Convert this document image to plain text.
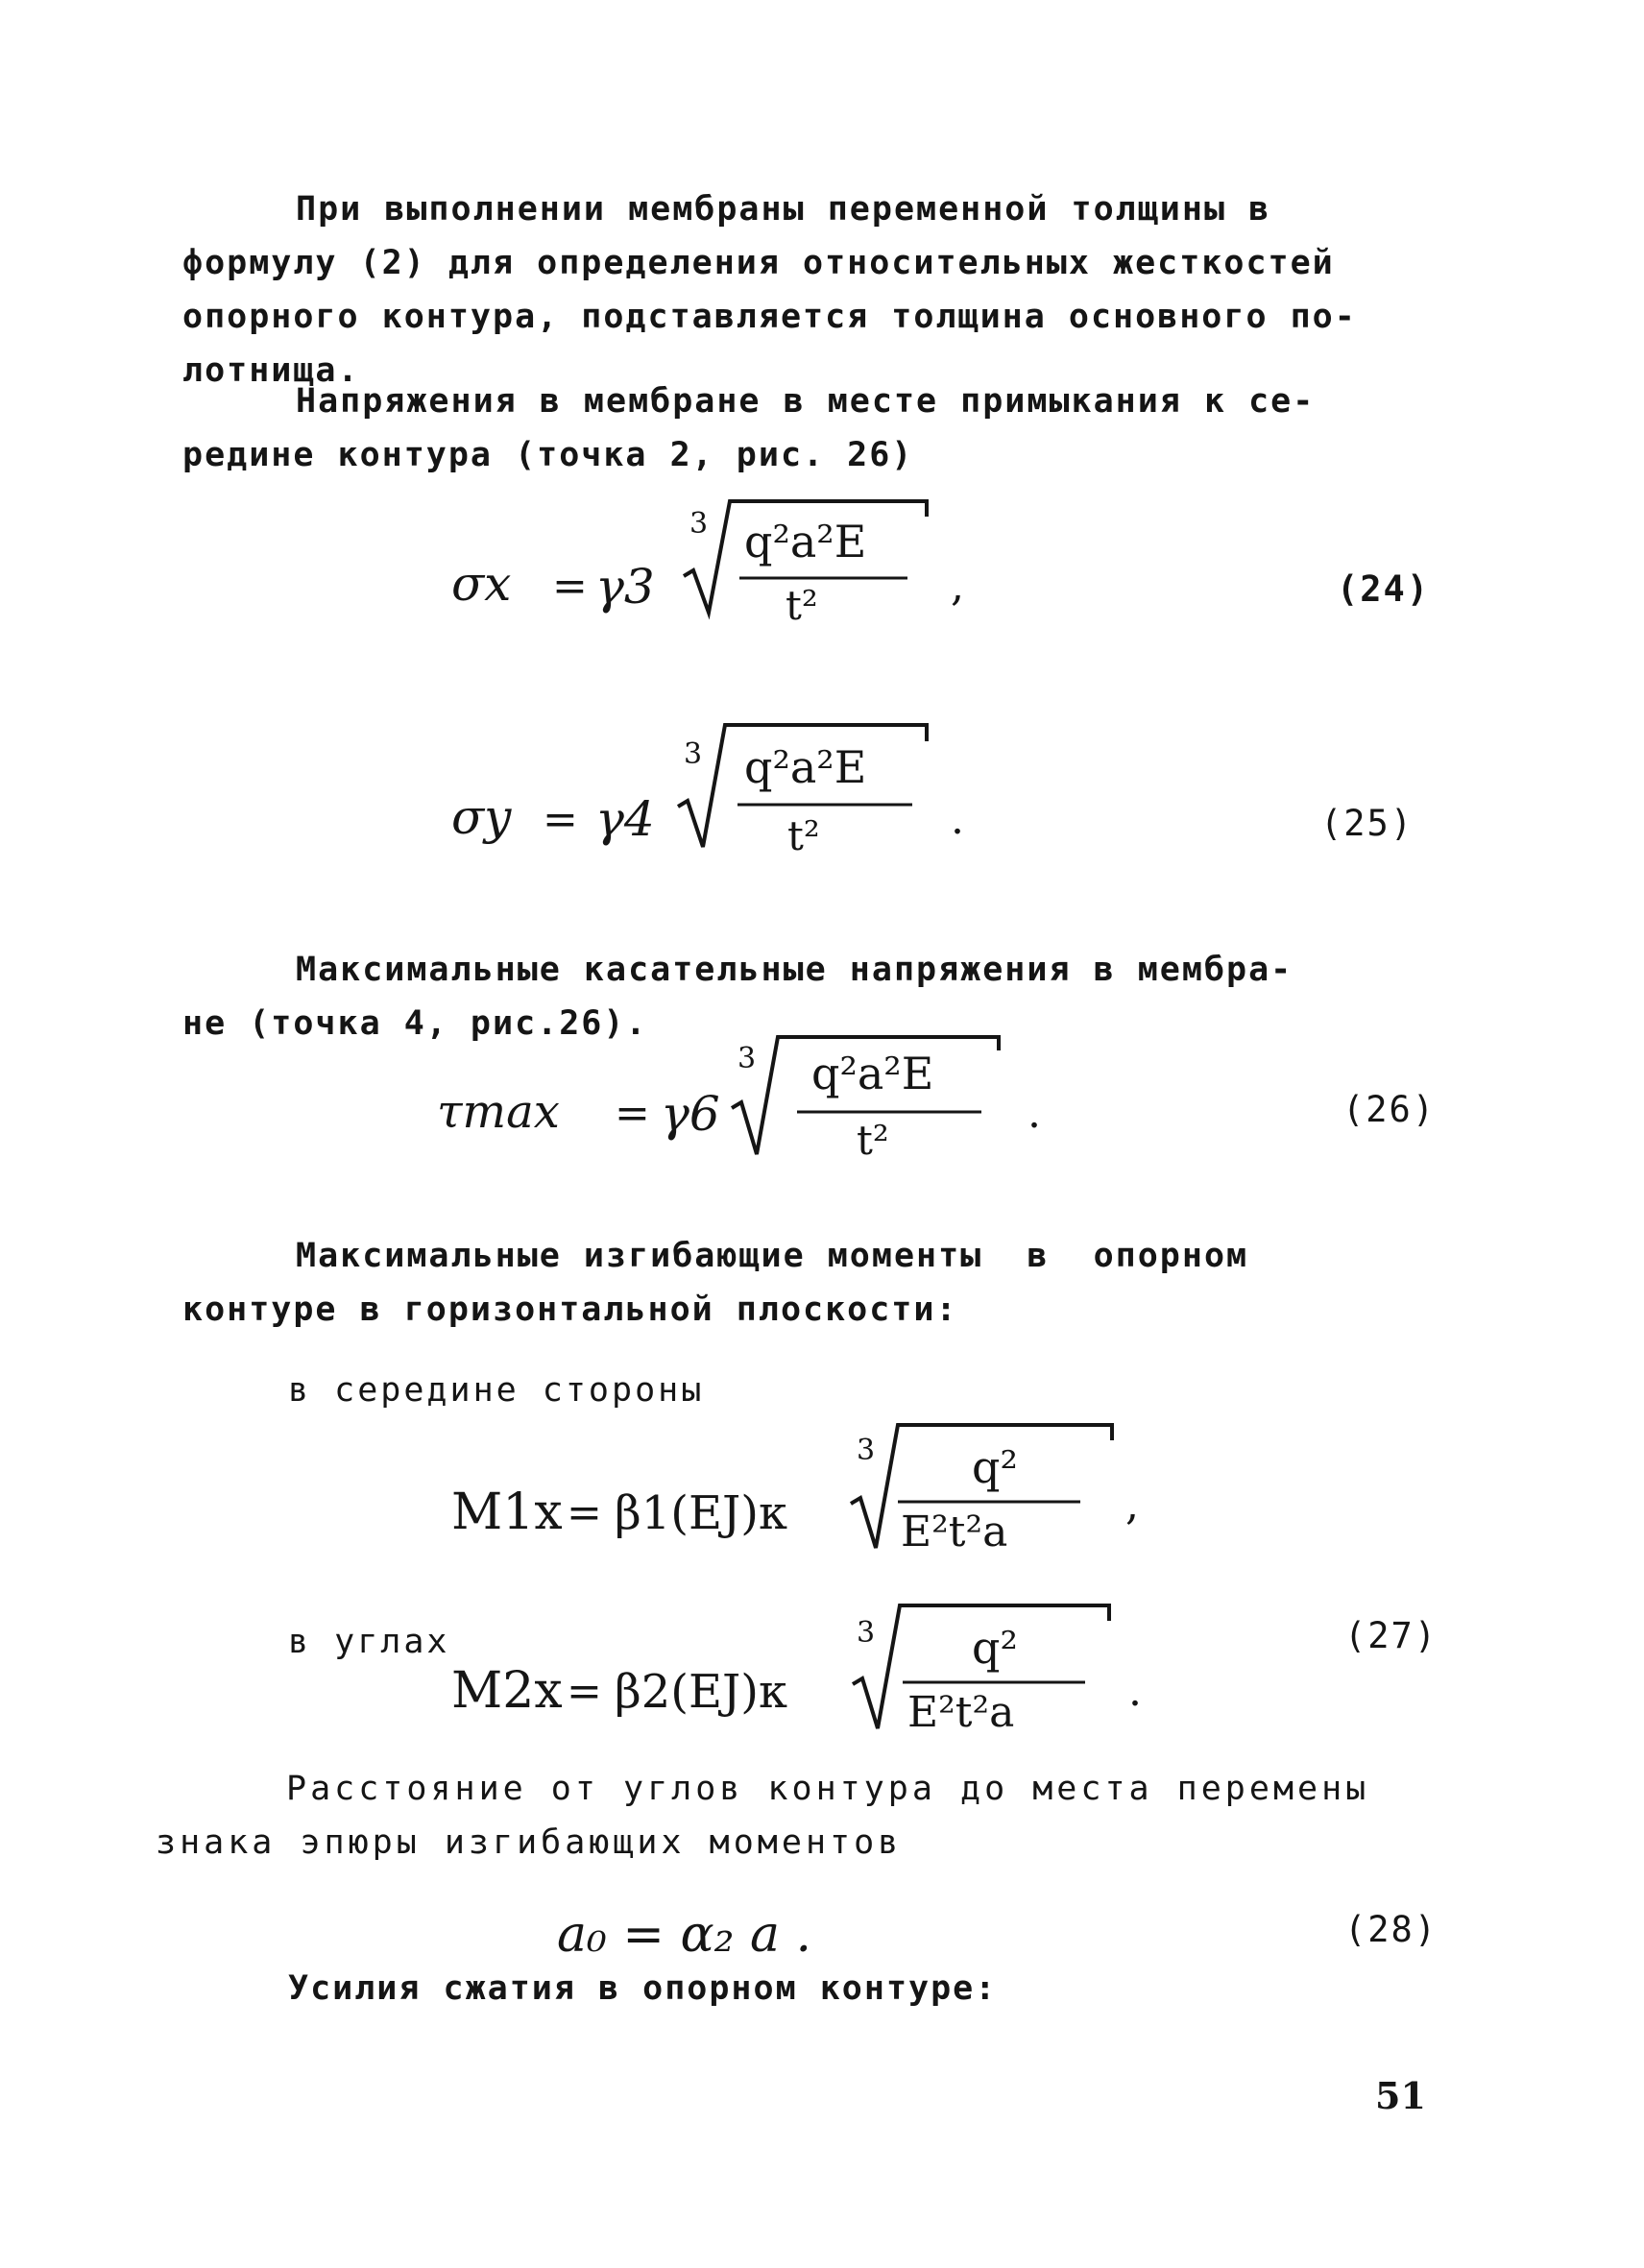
При выполнении мембраны переменной толщины в
формулу (2) для определения относительных жесткостей
опорного контура, подставляется толщина основного по-
лотнища.

Напряжения в мембране в месте примыкания к се-
редине контура (точка 2, рис. 26)

σx = γ3
3 q²a²E
t²	,	(24)
σy = γ4
3 q²a²E
t²	.	(25)

Максимальные касательные напряжения в мембра-
не (точка 4, рис.26).

τmax = γ6
3 q²a²E
t²
.	(26)

Максимальные изгибающие моменты  в  опорном
контуре в горизонтальной плоскости:

в середине стороны

M1x = β1(EJ)к
3 q²
E²t²a
,

в углах

M2x = β2(EJ)к
3 q²
E²t²a	.
(27)

Расстояние от углов контура до места перемены
знака эпюры изгибающих моментов

a₀ = α₂ a .	(28)

Усилия сжатия в опорном контуре:

51
